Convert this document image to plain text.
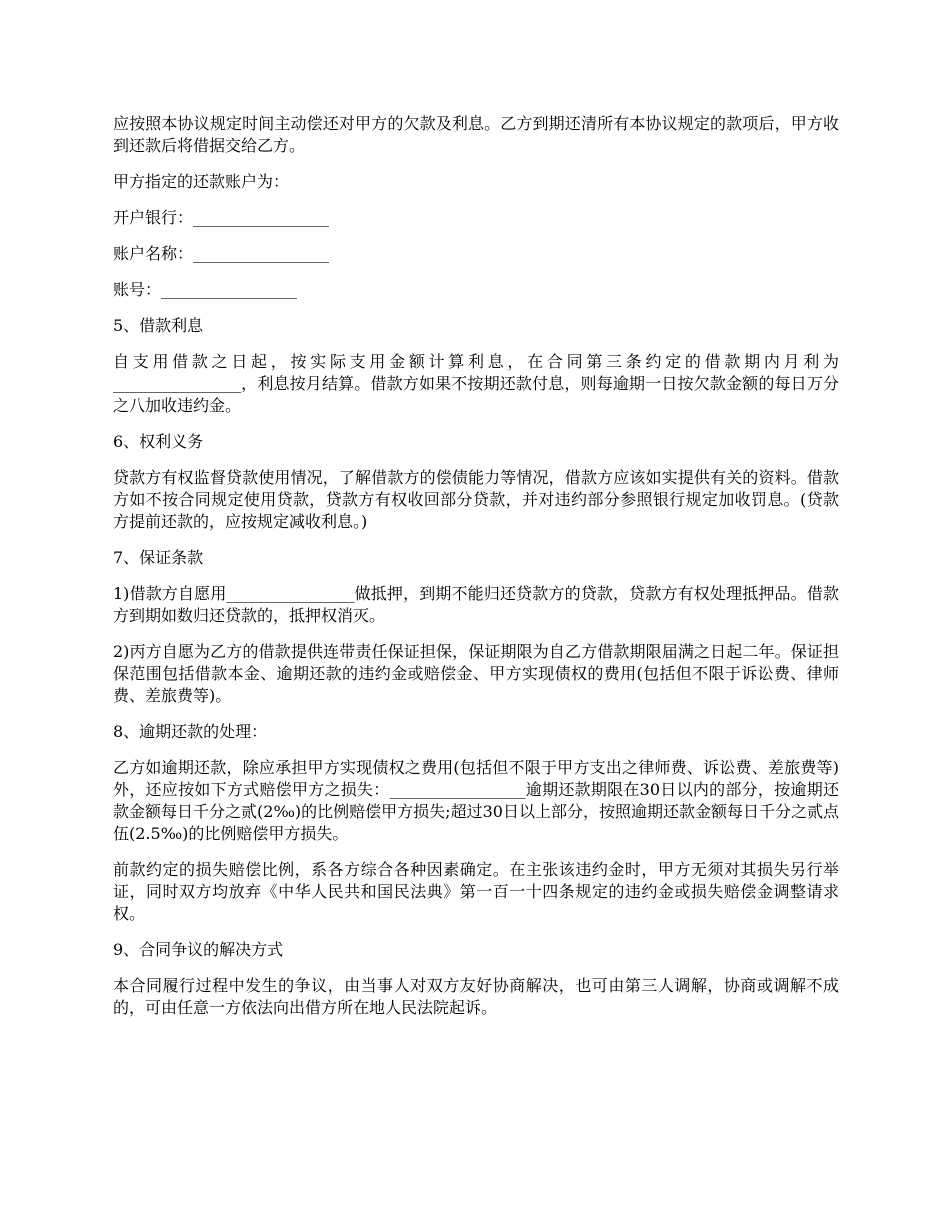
应按照本协议规定时间主动偿还对甲方的欠款及利息。乙方到期还清所有本协议规定的款项后，甲方收到还款后将借据交给乙方。

甲方指定的还款账户为：

开户银行：_________________

账户名称：_________________

账号：_________________

5、借款利息

自支用借款之日起，按实际支用金额计算利息，在合同第三条约定的借款期内月利为________________，利息按月结算。借款方如果不按期还款付息，则每逾期一日按欠款金额的每日万分之八加收违约金。

6、权利义务

贷款方有权监督贷款使用情况，了解借款方的偿债能力等情况，借款方应该如实提供有关的资料。借款方如不按合同规定使用贷款，贷款方有权收回部分贷款，并对违约部分参照银行规定加收罚息。(贷款方提前还款的，应按规定减收利息。)

7、保证条款

1)借款方自愿用________________做抵押，到期不能归还贷款方的贷款，贷款方有权处理抵押品。借款方到期如数归还贷款的，抵押权消灭。

2)丙方自愿为乙方的借款提供连带责任保证担保，保证期限为自乙方借款期限届满之日起二年。保证担保范围包括借款本金、逾期还款的违约金或赔偿金、甲方实现债权的费用(包括但不限于诉讼费、律师费、差旅费等)。

8、逾期还款的处理：

乙方如逾期还款，除应承担甲方实现债权之费用(包括但不限于甲方支出之律师费、诉讼费、差旅费等)外，还应按如下方式赔偿甲方之损失：_________________逾期还款期限在30日以内的部分，按逾期还款金额每日千分之贰(2‰)的比例赔偿甲方损失;超过30日以上部分，按照逾期还款金额每日千分之贰点伍(2.5‰)的比例赔偿甲方损失。

前款约定的损失赔偿比例，系各方综合各种因素确定。在主张该违约金时，甲方无须对其损失另行举证，同时双方均放弃《中华人民共和国民法典》第一百一十四条规定的违约金或损失赔偿金调整请求权。

9、合同争议的解决方式

本合同履行过程中发生的争议，由当事人对双方友好协商解决，也可由第三人调解，协商或调解不成的，可由任意一方依法向出借方所在地人民法院起诉。
